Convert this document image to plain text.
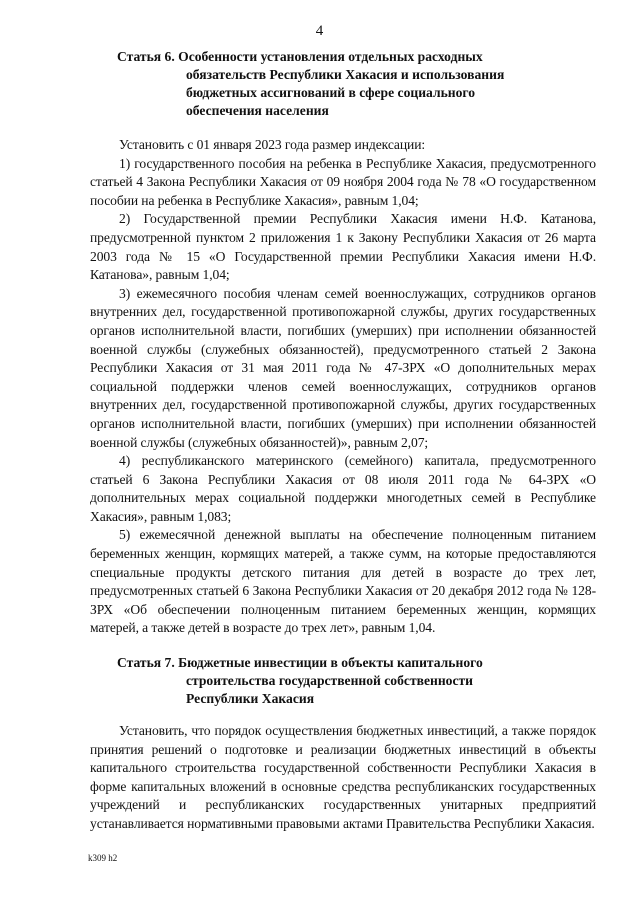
4
Статья 6. Особенности установления отдельных расходных
обязательств Республики Хакасия и использования
бюджетных ассигнований в сфере социального
обеспечения населения

Установить с 01 января 2023 года размер индексации:

1) государственного пособия на ребенка в Республике Хакасия, предусмотренного статьей 4 Закона Республики Хакасия от 09 ноября 2004 года № 78 «О государственном пособии на ребенка в Республике Хакасия», равным 1,04;

2) Государственной премии Республики Хакасия имени Н.Ф. Катанова, предусмотренной пунктом 2 приложения 1 к Закону Республики Хакасия от 26 марта 2003 года № 15 «О Государственной премии Республики Хакасия имени Н.Ф. Катанова», равным 1,04;

3) ежемесячного пособия членам семей военнослужащих, сотрудников органов внутренних дел, государственной противопожарной службы, других государственных органов исполнительной власти, погибших (умерших) при исполнении обязанностей военной службы (служебных обязанностей), предусмотренного статьей 2 Закона Республики Хакасия от 31 мая 2011 года № 47-ЗРХ «О дополнительных мерах социальной поддержки членов семей военнослужащих, сотрудников органов внутренних дел, государственной противопожарной службы, других государственных органов исполнительной власти, погибших (умерших) при исполнении обязанностей военной службы (служебных обязанностей)», равным 2,07;

4) республиканского материнского (семейного) капитала, предусмотренного статьей 6 Закона Республики Хакасия от 08 июля 2011 года № 64-ЗРХ «О дополнительных мерах социальной поддержки многодетных семей в Республике Хакасия», равным 1,083;

5) ежемесячной денежной выплаты на обеспечение полноценным питанием беременных женщин, кормящих матерей, а также сумм, на которые предоставляются специальные продукты детского питания для детей в возрасте до трех лет, предусмотренных статьей 6 Закона Республики Хакасия от 20 декабря 2012 года № 128-ЗРХ «Об обеспечении полноценным питанием беременных женщин, кормящих матерей, а также детей в возрасте до трех лет», равным 1,04.

Статья 7. Бюджетные инвестиции в объекты капитального
строительства государственной собственности
Республики Хакасия

Установить, что порядок осуществления бюджетных инвестиций, а также порядок принятия решений о подготовке и реализации бюджетных инвестиций в объекты капитального строительства государственной собственности Республики Хакасия в форме капитальных вложений в основные средства республиканских государственных учреждений и республиканских государственных унитарных предприятий устанавливается нормативными правовыми актами Правительства Республики Хакасия.

k309 h2
